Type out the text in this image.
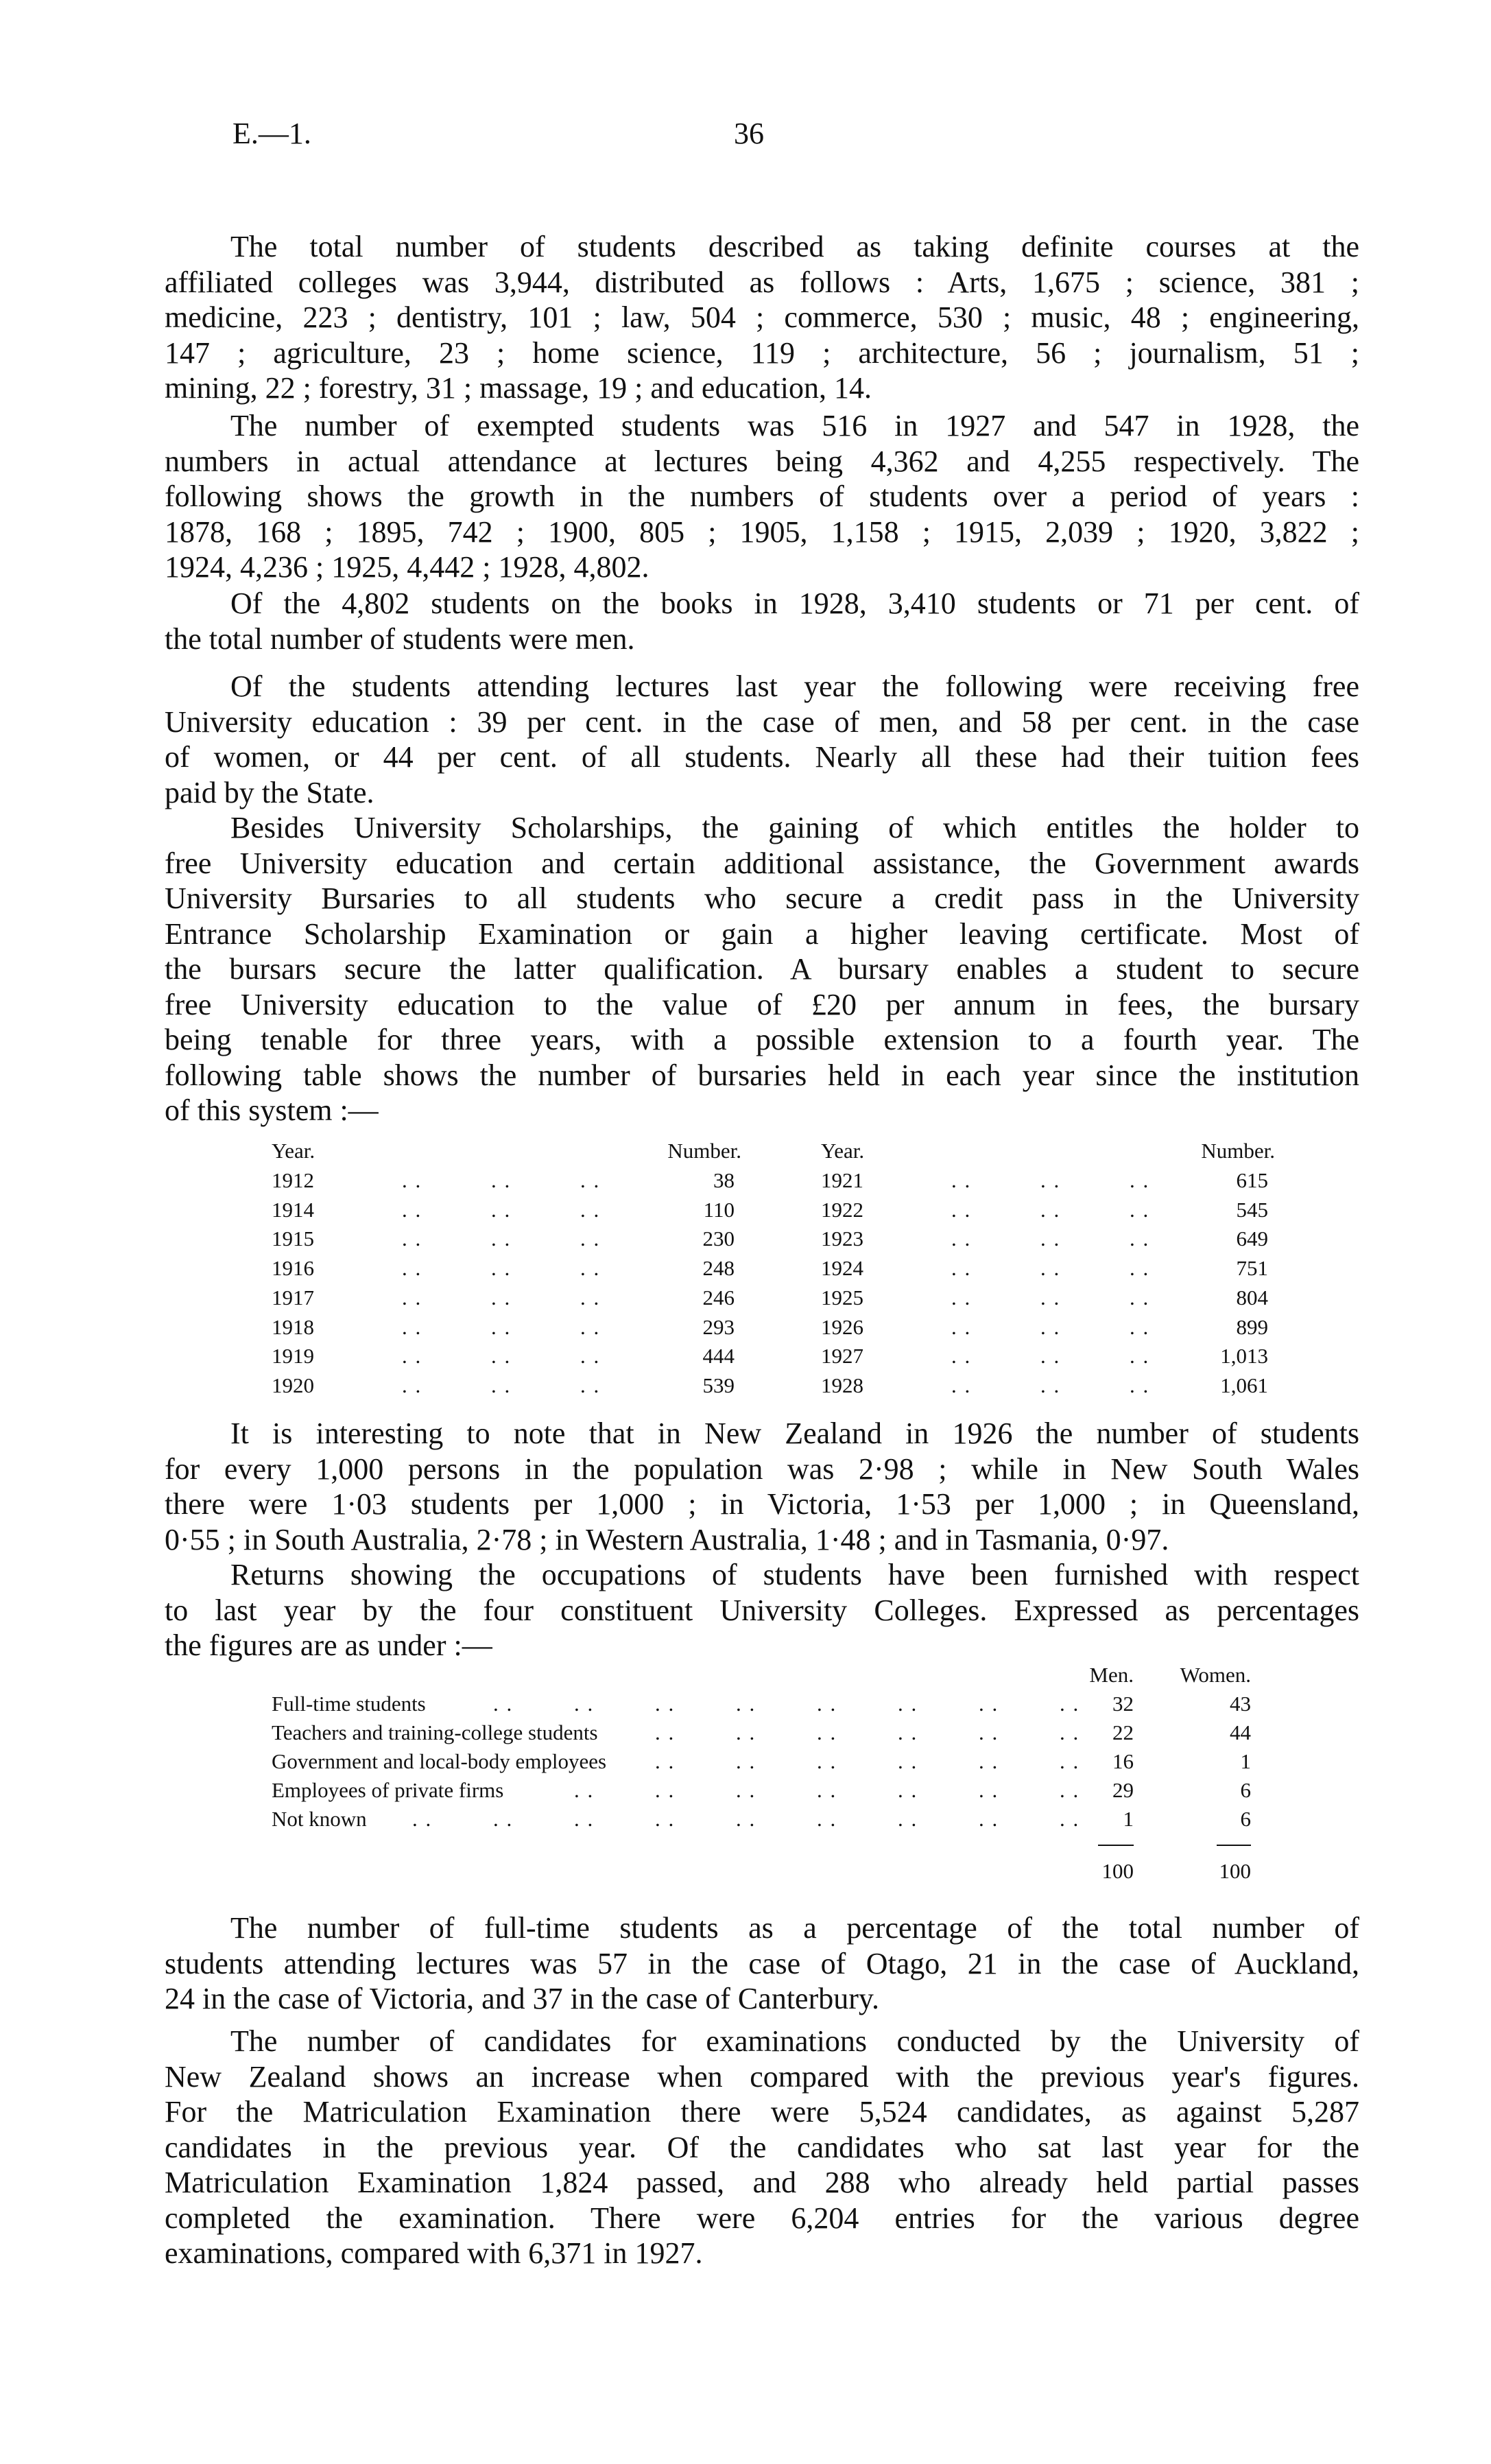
E.—1.	36
The total number of students described as taking definite courses at the
affiliated colleges was 3,944, distributed as follows : Arts, 1,675 ; science, 381 ;
medicine, 223 ; dentistry, 101 ; law, 504 ; commerce, 530 ; music, 48 ; engineering,
147 ; agriculture, 23 ; home science, 119 ; architecture, 56 ; journalism, 51 ;
mining, 22 ; forestry, 31 ; massage, 19 ; and education, 14.
The number of exempted students was 516 in 1927 and 547 in 1928, the
numbers in actual attendance at lectures being 4,362 and 4,255 respectively. The
following shows the growth in the numbers of students over a period of years :
1878, 168 ; 1895, 742 ; 1900, 805 ; 1905, 1,158 ; 1915, 2,039 ; 1920, 3,822 ;
1924, 4,236 ; 1925, 4,442 ; 1928, 4,802.
Of the 4,802 students on the books in 1928, 3,410 students or 71 per cent. of
the total number of students were men.
Of the students attending lectures last year the following were receiving free
University education : 39 per cent. in the case of men, and 58 per cent. in the case
of women, or 44 per cent. of all students. Nearly all these had their tuition fees
paid by the State.
Besides University Scholarships, the gaining of which entitles the holder to
free University education and certain additional assistance, the Government awards
University Bursaries to all students who secure a credit pass in the University
Entrance Scholarship Examination or gain a higher leaving certificate. Most of
the bursars secure the latter qualification. A bursary enables a student to secure
free University education to the value of £20 per annum in fees, the bursary
being tenable for three years, with a possible extension to a fourth year. The
following table shows the number of bursaries held in each year since the institution
of this system :—
It is interesting to note that in New Zealand in 1926 the number of students
for every 1,000 persons in the population was 2·98 ; while in New South Wales
there were 1·03 students per 1,000 ; in Victoria, 1·53 per 1,000 ; in Queensland,
0·55 ; in South Australia, 2·78 ; in Western Australia, 1·48 ; and in Tasmania, 0·97.
Returns showing the occupations of students have been furnished with respect
to last year by the four constituent University Colleges. Expressed as percentages
the figures are as under :—
The number of full-time students as a percentage of the total number of
students attending lectures was 57 in the case of Otago, 21 in the case of Auckland,
24 in the case of Victoria, and 37 in the case of Canterbury.
The number of candidates for examinations conducted by the University of
New Zealand shows an increase when compared with the previous year's figures.
For the Matriculation Examination there were 5,524 candidates, as against 5,287
candidates in the previous year. Of the candidates who sat last year for the
Matriculation Examination 1,824 passed, and 288 who already held partial passes
completed the examination. There were 6,204 entries for the various degree
examinations, compared with 6,371 in 1927.
Year.	Number.	Year.	Number.
1912	. .	. .	. .	38
1914	. .	. .	. .	110
1915	. .	. .	. .	230
1916	. .	. .	. .	248
1917	. .	. .	. .	246
1918	. .	. .	. .	293
1919	. .	. .	. .	444
1920	. .	. .	. .	539
1921	. .	. .	. .	615
1922	. .	. .	. .	545
1923	. .	. .	. .	649
1924	. .	. .	. .	751
1925	. .	. .	. .	804
1926	. .	. .	. .	899
1927	. .	. .	. .	1,013
1928	. .	. .	. .	1,061
Men. Women.
Full-time students	. .
. .
. .
. .
. .
. .
. .
. .	32	43
Teachers and training-college students	. .
. .
. .
. .
. .
. .	22	44
Government and local-body employees	. .
. .
. .
. .
. .
. .	16	1
Employees of private firms	. .
. .
. .
. .
. .
. .
. .	29	6
Not known	. .
. .
. .
. .
. .
. .
. .
. .
. .	1	6
100	100
